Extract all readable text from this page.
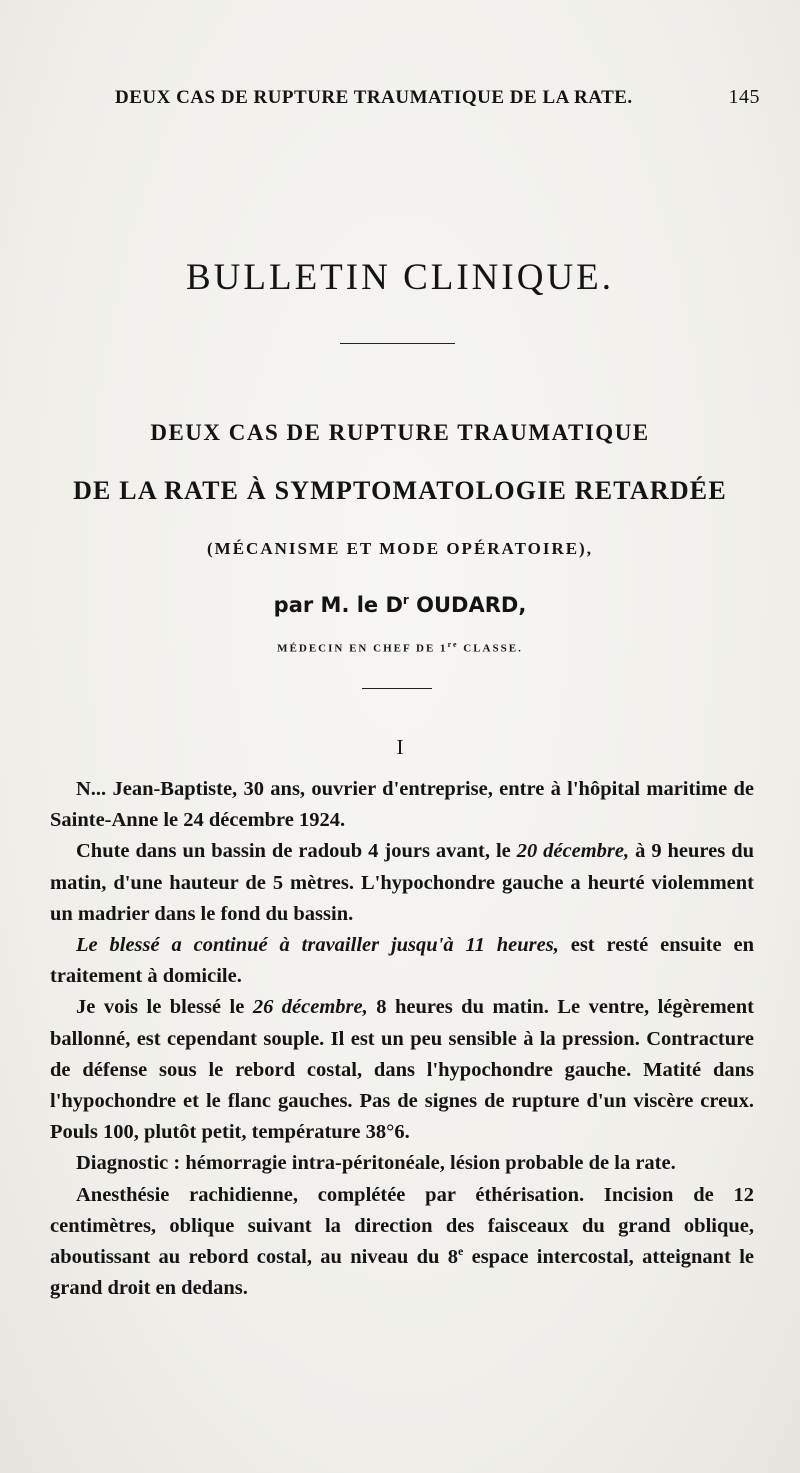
DEUX CAS DE RUPTURE TRAUMATIQUE DE LA RATE.	145
BULLETIN CLINIQUE.
DEUX CAS DE RUPTURE TRAUMATIQUE
DE LA RATE À SYMPTOMATOLOGIE RETARDÉE
(MÉCANISME ET MODE OPÉRATOIRE),
par M. le $D^r$ OUDARD,
MÉDECIN EN CHEF DE 1re CLASSE.
I

N... Jean-Baptiste, 30 ans, ouvrier d'entreprise, entre à l'hôpital maritime de Sainte-Anne le 24 décembre 1924.

Chute dans un bassin de radoub 4 jours avant, le 20 décembre, à 9 heures du matin, d'une hauteur de 5 mètres. L'hypochondre gauche a heurté violemment un madrier dans le fond du bassin.

Le blessé a continué à travailler jusqu'à 11 heures, est resté ensuite en traitement à domicile.

Je vois le blessé le 26 décembre, 8 heures du matin. Le ventre, légèrement ballonné, est cependant souple. Il est un peu sensible à la pression. Contracture de défense sous le rebord costal, dans l'hypochondre gauche. Matité dans l'hypochondre et le flanc gauches. Pas de signes de rupture d'un viscère creux. Pouls 100, plutôt petit, température 38°6.

Diagnostic : hémorragie intra-péritonéale, lésion probable de la rate.

Anesthésie rachidienne, complétée par éthérisation. Incision de 12 centimètres, oblique suivant la direction des faisceaux du grand oblique, aboutissant au rebord costal, au niveau du 8e espace intercostal, atteignant le grand droit en dedans.
